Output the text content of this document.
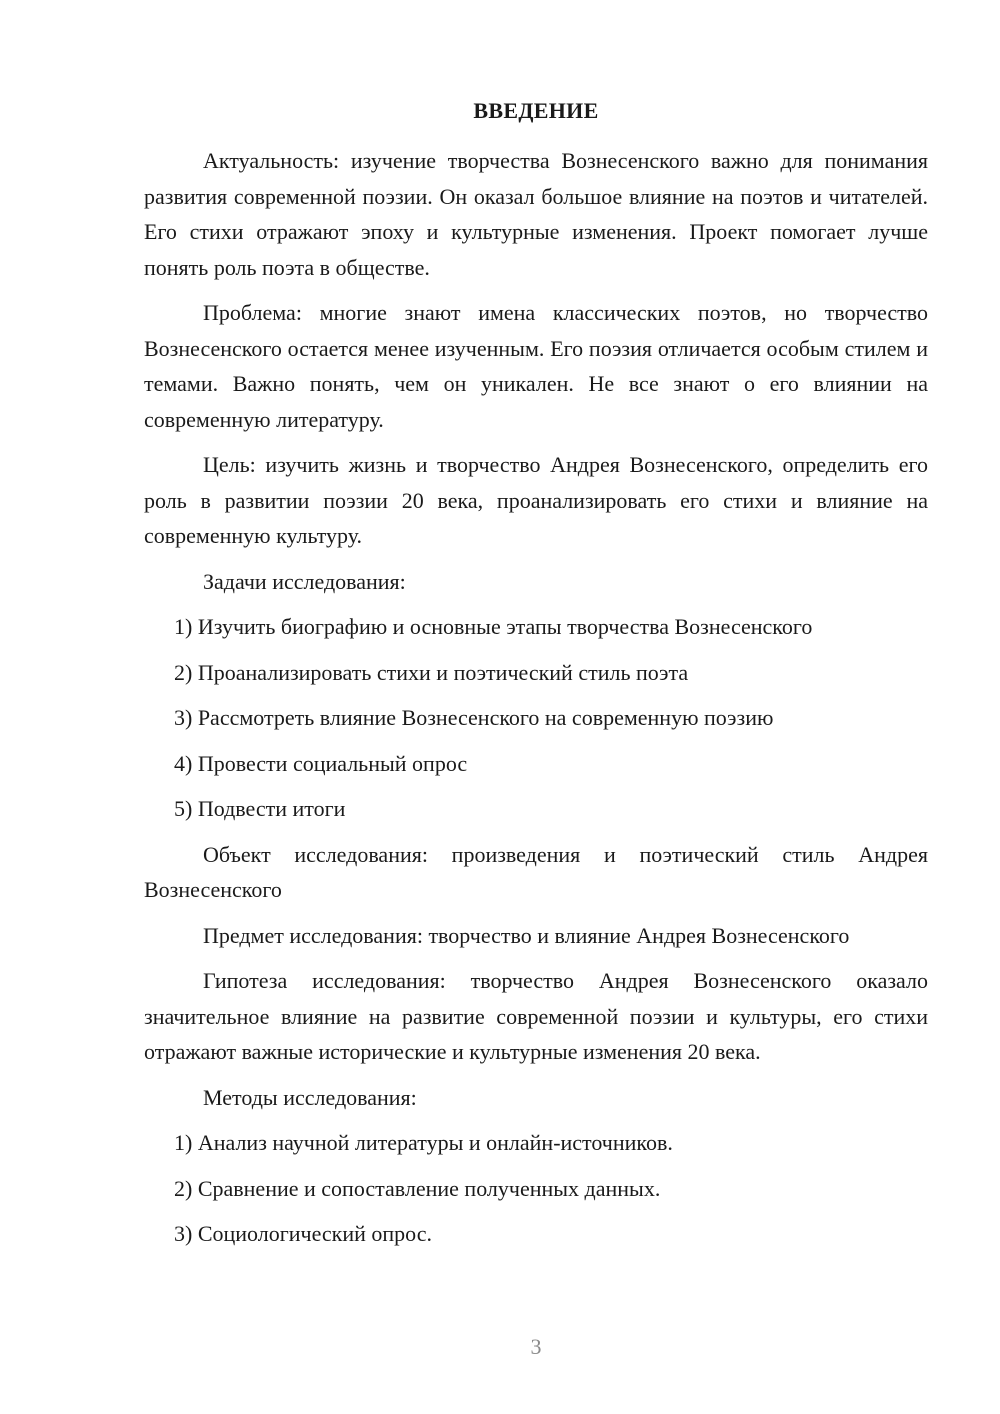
ВВЕДЕНИЕ

Актуальность: изучение творчества Вознесенского важно для понимания развития современной поэзии. Он оказал большое влияние на поэтов и читателей. Его стихи отражают эпоху и культурные изменения. Проект помогает лучше понять роль поэта в обществе.

Проблема: многие знают имена классических поэтов, но творчество Вознесенского остается менее изученным. Его поэзия отличается особым стилем и темами. Важно понять, чем он уникален. Не все знают о его влиянии на современную литературу.

Цель: изучить жизнь и творчество Андрея Вознесенского, определить его роль в развитии поэзии 20 века, проанализировать его стихи и влияние на современную культуру.

Задачи исследования:

1) Изучить биографию и основные этапы творчества Вознесенского

2) Проанализировать стихи и поэтический стиль поэта

3) Рассмотреть влияние Вознесенского на современную поэзию

4) Провести социальный опрос

5) Подвести итоги

Объект исследования: произведения и поэтический стиль Андрея Вознесенского

Предмет исследования: творчество и влияние Андрея Вознесенского

Гипотеза исследования: творчество Андрея Вознесенского оказало значительное влияние на развитие современной поэзии и культуры, его стихи отражают важные исторические и культурные изменения 20 века.

Методы исследования:

1) Анализ научной литературы и онлайн-источников.

2) Сравнение и сопоставление полученных данных.

3) Социологический опрос.

3
